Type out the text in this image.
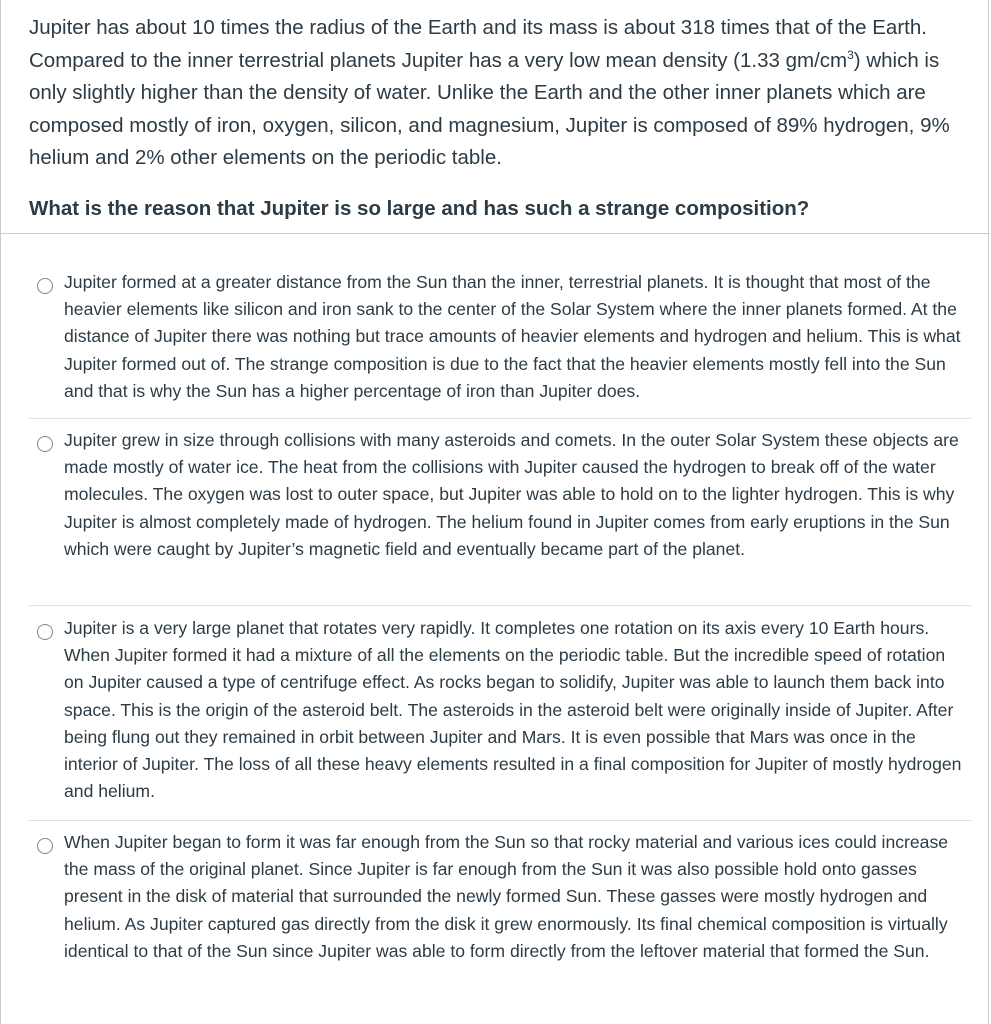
Jupiter has about 10 times the radius of the Earth and its mass is about 318 times that of the Earth. Compared to the inner terrestrial planets Jupiter has a very low mean density (1.33 $gm/cm^3$) which is only slightly higher than the density of water. Unlike the Earth and the other inner planets which are composed mostly of iron, oxygen, silicon, and magnesium, Jupiter is composed of 89% hydrogen, 9% helium and 2% other elements on the periodic table.
What is the reason that Jupiter is so large and has such a strange composition?
Jupiter formed at a greater distance from the Sun than the inner, terrestrial planets. It is thought that most of the heavier elements like silicon and iron sank to the center of the Solar System where the inner planets formed. At the distance of Jupiter there was nothing but trace amounts of heavier elements and hydrogen and helium. This is what Jupiter formed out of. The strange composition is due to the fact that the heavier elements mostly fell into the Sun and that is why the Sun has a higher percentage of iron than Jupiter does.
Jupiter grew in size through collisions with many asteroids and comets. In the outer Solar System these objects are made mostly of water ice. The heat from the collisions with Jupiter caused the hydrogen to break off of the water molecules. The oxygen was lost to outer space, but Jupiter was able to hold on to the lighter hydrogen. This is why Jupiter is almost completely made of hydrogen. The helium found in Jupiter comes from early eruptions in the Sun which were caught by Jupiter’s magnetic field and eventually became part of the planet.
Jupiter is a very large planet that rotates very rapidly. It completes one rotation on its axis every 10 Earth hours. When Jupiter formed it had a mixture of all the elements on the periodic table. But the incredible speed of rotation on Jupiter caused a type of centrifuge effect. As rocks began to solidify, Jupiter was able to launch them back into space. This is the origin of the asteroid belt. The asteroids in the asteroid belt were originally inside of Jupiter. After being flung out they remained in orbit between Jupiter and Mars. It is even possible that Mars was once in the interior of Jupiter. The loss of all these heavy elements resulted in a final composition for Jupiter of mostly hydrogen and helium.
When Jupiter began to form it was far enough from the Sun so that rocky material and various ices could increase the mass of the original planet. Since Jupiter is far enough from the Sun it was also possible hold onto gasses present in the disk of material that surrounded the newly formed Sun. These gasses were mostly hydrogen and helium. As Jupiter captured gas directly from the disk it grew enormously. Its final chemical composition is virtually identical to that of the Sun since Jupiter was able to form directly from the leftover material that formed the Sun.
